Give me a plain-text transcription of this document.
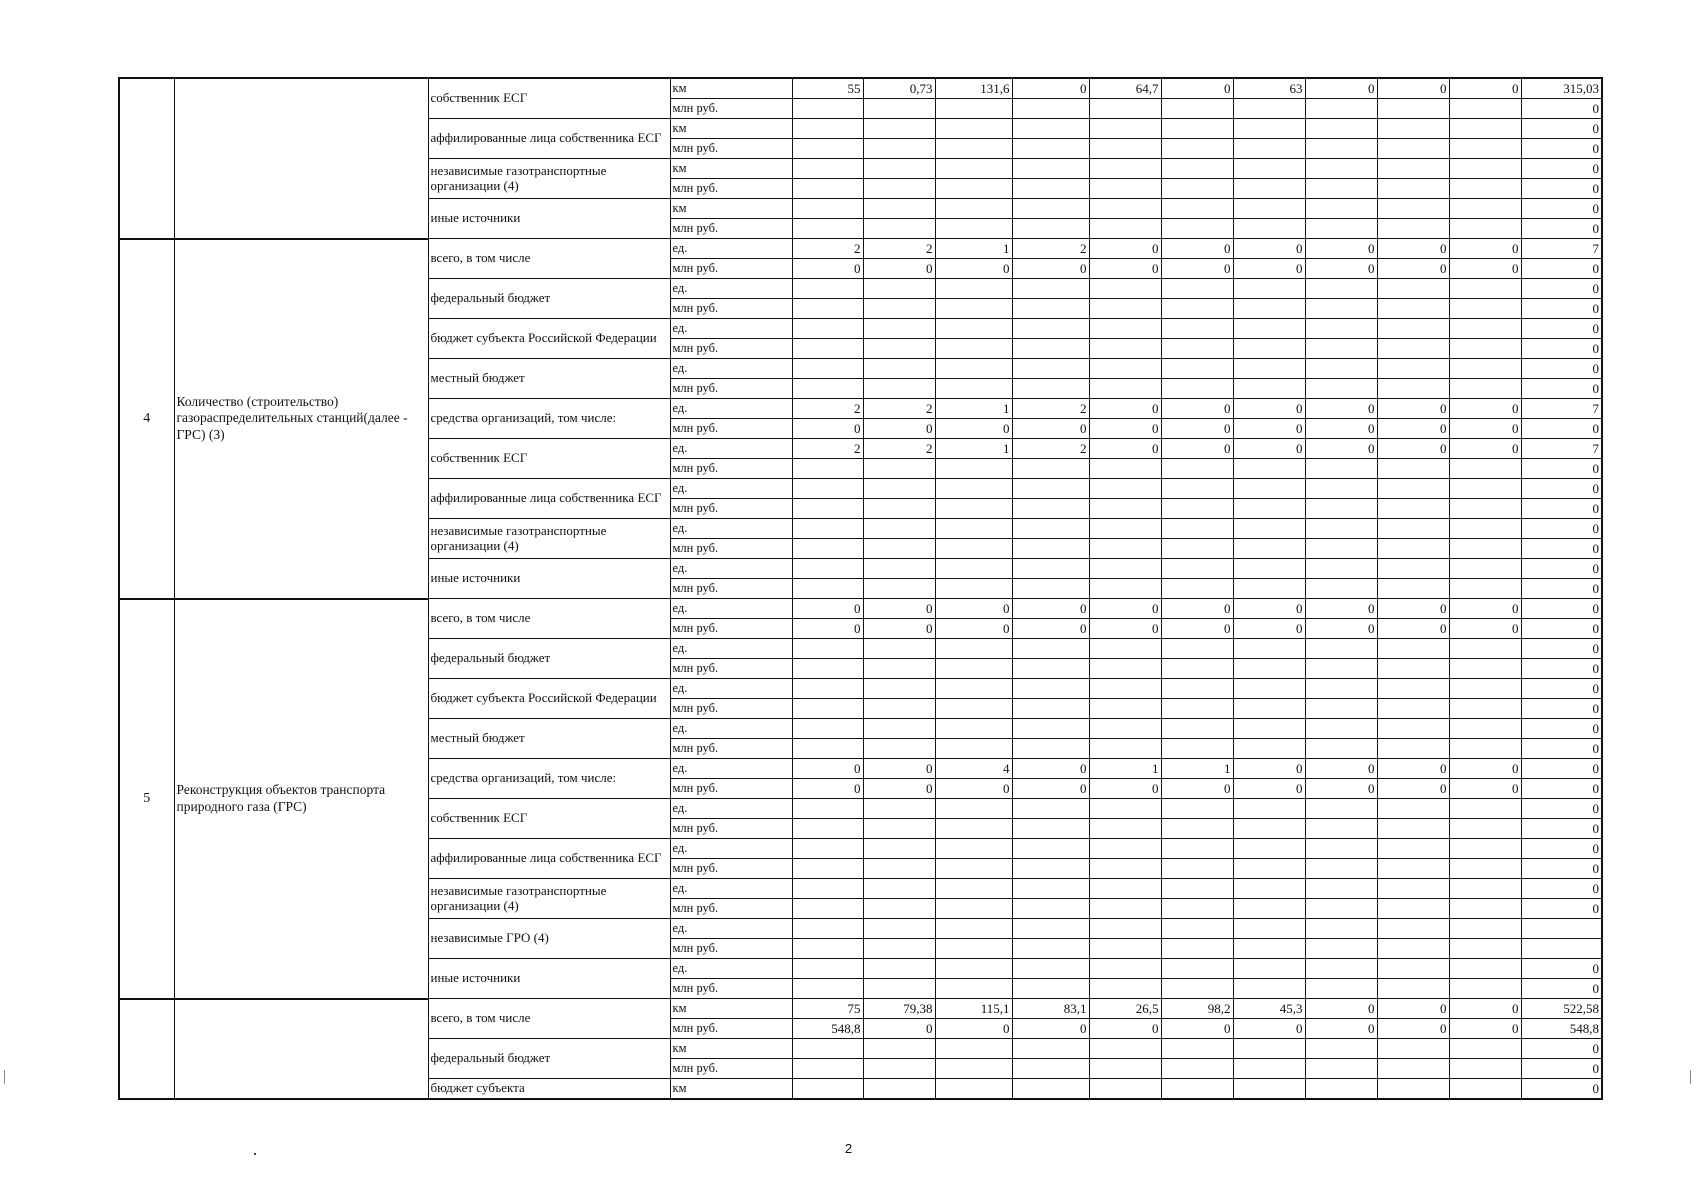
		собственник ЕСГ	км	55	0,73	131,6	0	64,7	0	63	0	0	0	315,03
			млн руб.											0
		аффилированные лица собственника ЕСГ	км											0
			млн руб.											0
		независимые газотранспортные организации (4)	км											0
			млн руб.											0
		иные источники	км											0
			млн руб.											0
4	Количество (строительство) газораспределительных станций(далее - ГРС) (3)	всего, в том числе	ед.	2	2	1	2	0	0	0	0	0	0	7
			млн руб.	0	0	0	0	0	0	0	0	0	0	0
		федеральный бюджет	ед.											0
			млн руб.											0
		бюджет субъекта Российской Федерации	ед.											0
			млн руб.											0
		местный бюджет	ед.											0
			млн руб.											0
		средства организаций, том числе:	ед.	2	2	1	2	0	0	0	0	0	0	7
			млн руб.	0	0	0	0	0	0	0	0	0	0	0
		собственник ЕСГ	ед.	2	2	1	2	0	0	0	0	0	0	7
			млн руб.											0
		аффилированные лица собственника ЕСГ	ед.											0
			млн руб.											0
		независимые газотранспортные организации (4)	ед.											0
			млн руб.											0
		иные источники	ед.											0
			млн руб.											0
5	Реконструкция объектов транспорта природного газа (ГРС)	всего, в том числе	ед.	0	0	0	0	0	0	0	0	0	0	0
			млн руб.	0	0	0	0	0	0	0	0	0	0	0
		федеральный бюджет	ед.											0
			млн руб.											0
		бюджет субъекта Российской Федерации	ед.											0
			млн руб.											0
		местный бюджет	ед.											0
			млн руб.											0
		средства организаций, том числе:	ед.	0	0	4	0	1	1	0	0	0	0	0
			млн руб.	0	0	0	0	0	0	0	0	0	0	0
		собственник ЕСГ	ед.											0
			млн руб.											0
		аффилированные лица собственника ЕСГ	ед.											0
			млн руб.											0
		независимые газотранспортные организации (4)	ед.											0
			млн руб.											0
		независимые ГРО (4)	ед.											
			млн руб.											
		иные источники	ед.											0
			млн руб.											0
		всего, в том числе	км	75	79,38	115,1	83,1	26,5	98,2	45,3	0	0	0	522,58
			млн руб.	548,8	0	0	0	0	0	0	0	0	0	548,8
		федеральный бюджет	км											0
			млн руб.											0
		бюджет субъекта	км											0
2
